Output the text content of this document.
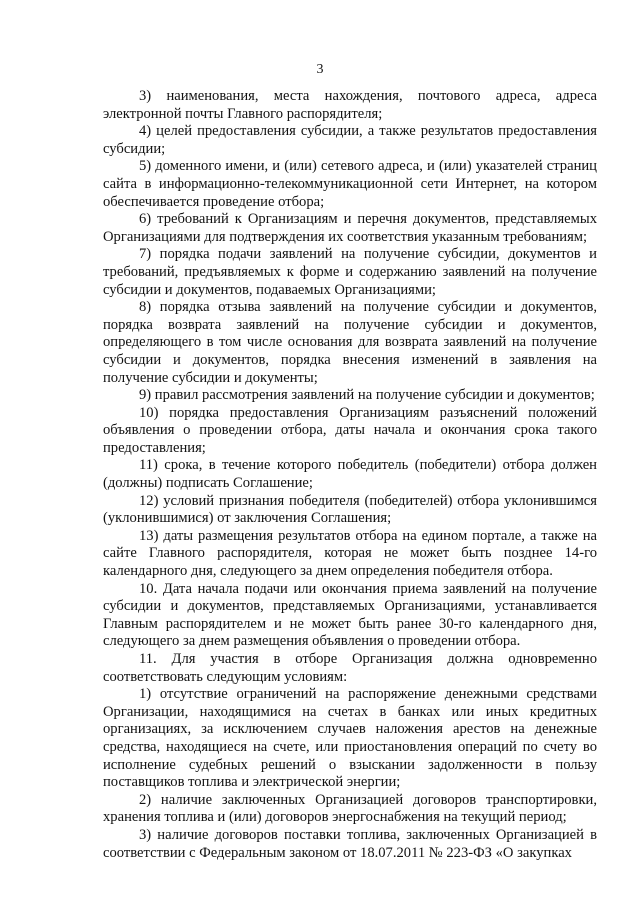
3

3) наименования, места нахождения, почтового адреса, адреса электронной почты Главного распорядителя;

4) целей предоставления субсидии, а также результатов предоставления субсидии;

5) доменного имени, и (или) сетевого адреса, и (или) указателей страниц сайта в информационно-телекоммуникационной сети Интернет, на котором обеспечивается проведение отбора;

6) требований к Организациям и перечня документов, представляемых Организациями для подтверждения их соответствия указанным требованиям;

7) порядка подачи заявлений на получение субсидии, документов и требований, предъявляемых к форме и содержанию заявлений на получение субсидии и документов, подаваемых Организациями;

8) порядка отзыва заявлений на получение субсидии и документов, порядка возврата заявлений на получение субсидии и документов, определяющего в том числе основания для возврата заявлений на получение субсидии и документов, порядка внесения изменений в заявления на получение субсидии и документы;

9) правил рассмотрения заявлений на получение субсидии и документов;

10) порядка предоставления Организациям разъяснений положений объявления о проведении отбора, даты начала и окончания срока такого предоставления;

11) срока, в течение которого победитель (победители) отбора должен (должны) подписать Соглашение;

12) условий признания победителя (победителей) отбора уклонившимся (уклонившимися) от заключения Соглашения;

13) даты размещения результатов отбора на едином портале, а также на сайте Главного распорядителя, которая не может быть позднее 14-го календарного дня, следующего за днем определения победителя отбора.

10. Дата начала подачи или окончания приема заявлений на получение субсидии и документов, представляемых Организациями, устанавливается Главным распорядителем и не может быть ранее 30-го календарного дня, следующего за днем размещения объявления о проведении отбора.

11. Для участия в отборе Организация должна одновременно соответствовать следующим условиям:

1) отсутствие ограничений на распоряжение денежными средствами Организации, находящимися на счетах в банках или иных кредитных организациях, за исключением случаев наложения арестов на денежные средства, находящиеся на счете, или приостановления операций по счету во исполнение судебных решений о взыскании задолженности в пользу поставщиков топлива и электрической энергии;

2) наличие заключенных Организацией договоров транспортировки, хранения топлива и (или) договоров энергоснабжения на текущий период;

3) наличие договоров поставки топлива, заключенных Организацией в соответствии с Федеральным законом от 18.07.2011 № 223-ФЗ «О закупках
